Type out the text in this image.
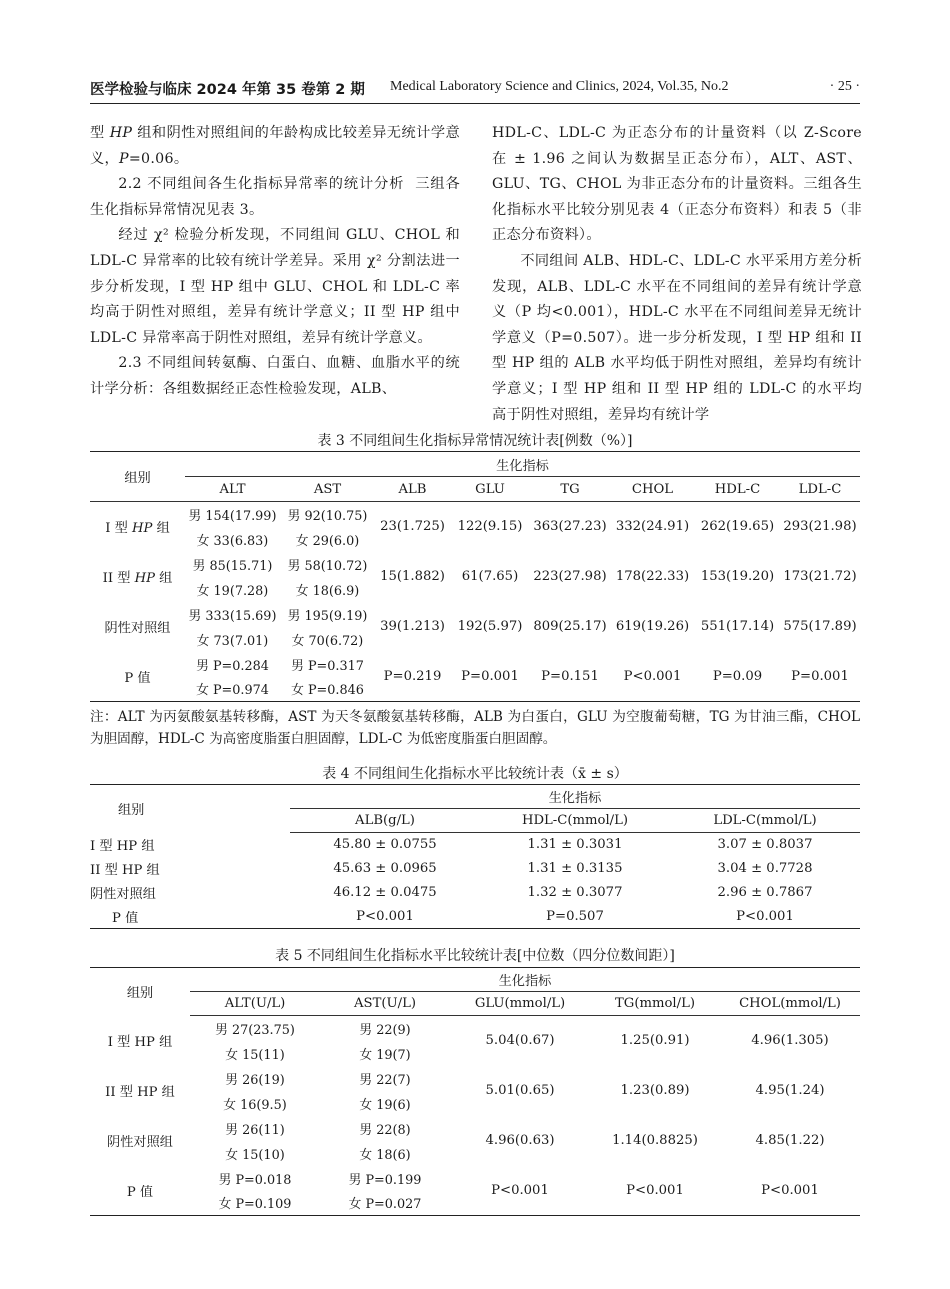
医学检验与临床 2024 年第 35 卷第 2 期 Medical Laboratory Science and Clinics, 2024, Vol.35, No.2	· 25 ·

型 HP 组和阴性对照组间的年龄构成比较差异无统计学意义，P=0.06。

2.2 不同组间各生化指标异常率的统计分析 三组各生化指标异常情况见表 3。

经过 χ² 检验分析发现，不同组间 GLU、CHOL 和 LDL-C 异常率的比较有统计学差异。采用 χ² 分割法进一步分析发现，I 型 HP 组中 GLU、CHOL 和 LDL-C 率均高于阴性对照组，差异有统计学意义；II 型 HP 组中 LDL-C 异常率高于阴性对照组，差异有统计学意义。

2.3 不同组间转氨酶、白蛋白、血糖、血脂水平的统计学分析：各组数据经正态性检验发现，ALB、

HDL-C、LDL-C 为正态分布的计量资料（以 Z-Score 在 ± 1.96 之间认为数据呈正态分布），ALT、AST、GLU、TG、CHOL 为非正态分布的计量资料。三组各生化指标水平比较分别见表 4（正态分布资料）和表 5（非正态分布资料）。

不同组间 ALB、HDL-C、LDL-C 水平采用方差分析发现，ALB、LDL-C 水平在不同组间的差异有统计学意义（P 均<0.001），HDL-C 水平在不同组间差异无统计学意义（P=0.507）。进一步分析发现，I 型 HP 组和 II 型 HP 组的 ALB 水平均低于阴性对照组，差异均有统计学意义；I 型 HP 组和 II 型 HP 组的 LDL-C 的水平均高于阴性对照组，差异均有统计学

表 3 不同组间生化指标异常情况统计表[例数（%）]
组别	生化指标							
	ALT	AST	ALB	GLU	TG	CHOL	HDL-C	LDL-C
I 型 HP 组	男 154(17.99)	男 92(10.75)	23(1.725)	122(9.15)	363(27.23)	332(24.91)	262(19.65)	293(21.98)
	女 33(6.83)	女 29(6.0)						
II 型 HP 组	男 85(15.71)	男 58(10.72)	15(1.882)	61(7.65)	223(27.98)	178(22.33)	153(19.20)	173(21.72)
	女 19(7.28)	女 18(6.9)						
阴性对照组	男 333(15.69)	男 195(9.19)	39(1.213)	192(5.97)	809(25.17)	619(19.26)	551(17.14)	575(17.89)
	女 73(7.01)	女 70(6.72)						
P 值	男 P=0.284	男 P=0.317	P=0.219	P=0.001	P=0.151	P<0.001	P=0.09	P=0.001
	女 P=0.974	女 P=0.846						
注：ALT 为丙氨酸氨基转移酶，AST 为天冬氨酸氨基转移酶，ALB 为白蛋白，GLU 为空腹葡萄糖，TG 为甘油三酯，CHOL 为胆固醇，HDL-C 为高密度脂蛋白胆固醇，LDL-C 为低密度脂蛋白胆固醇。
表 4 不同组间生化指标水平比较统计表（x̄ ± s）
组别	生化指标		
	ALB(g/L)	HDL-C(mmol/L)	LDL-C(mmol/L)
I 型 HP 组	45.80 ± 0.0755	1.31 ± 0.3031	3.07 ± 0.8037
II 型 HP 组	45.63 ± 0.0965	1.31 ± 0.3135	3.04 ± 0.7728
阴性对照组	46.12 ± 0.0475	1.32 ± 0.3077	2.96 ± 0.7867
P 值	P<0.001	P=0.507	P<0.001
表 5 不同组间生化指标水平比较统计表[中位数（四分位数间距）]
组别	生化指标				
	ALT(U/L)	AST(U/L)	GLU(mmol/L)	TG(mmol/L)	CHOL(mmol/L)
I 型 HP 组	男 27(23.75)	男 22(9)	5.04(0.67)	1.25(0.91)	4.96(1.305)
	女 15(11)	女 19(7)			
II 型 HP 组	男 26(19)	男 22(7)	5.01(0.65)	1.23(0.89)	4.95(1.24)
	女 16(9.5)	女 19(6)			
阴性对照组	男 26(11)	男 22(8)	4.96(0.63)	1.14(0.8825)	4.85(1.22)
	女 15(10)	女 18(6)			
P 值	男 P=0.018	男 P=0.199	P<0.001	P<0.001	P<0.001
	女 P=0.109	女 P=0.027			
